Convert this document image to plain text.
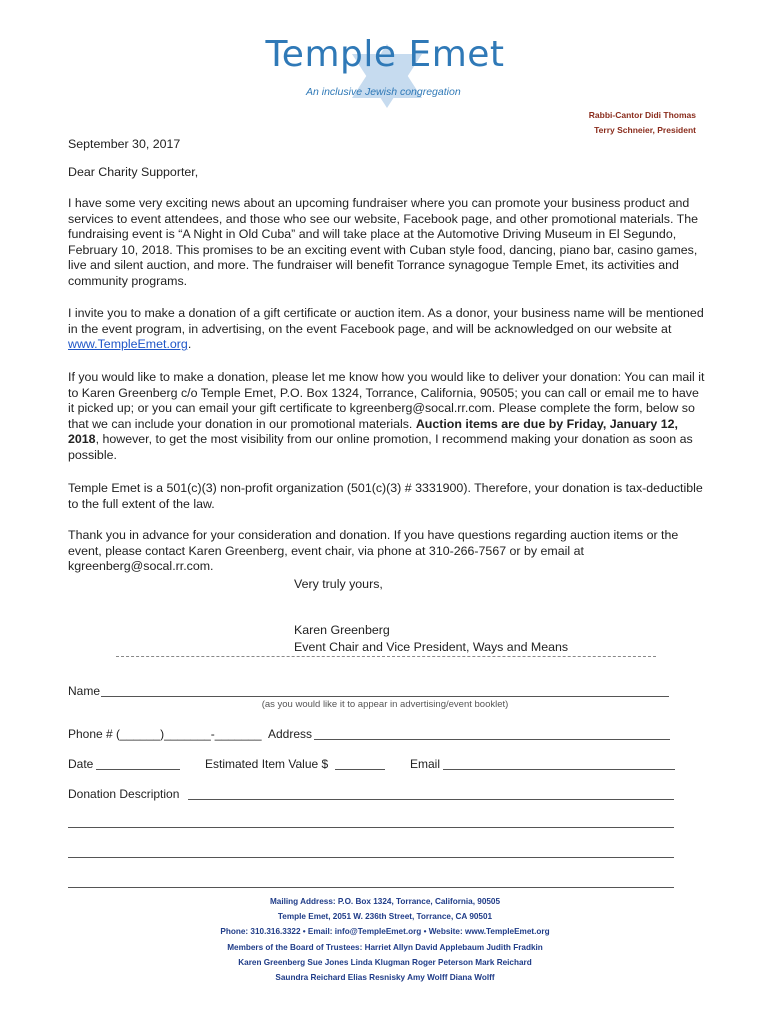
Temple Emet
An inclusive Jewish congregation
Rabbi-Cantor Didi Thomas
Terry Schneier, President
September 30, 2017
Dear Charity Supporter,
I have some very exciting news about an upcoming fundraiser where you can promote your business product and services to event attendees, and those who see our website, Facebook page, and other promotional materials. The fundraising event is “A Night in Old Cuba” and will take place at the Automotive Driving Museum in El Segundo, February 10, 2018. This promises to be an exciting event with Cuban style food, dancing, piano bar, casino games, live and silent auction, and more. The fundraiser will benefit Torrance synagogue Temple Emet, its activities and community programs.
I invite you to make a donation of a gift certificate or auction item. As a donor, your business name will be mentioned in the event program, in advertising, on the event Facebook page, and will be acknowledged on our website at www.TempleEmet.org.
If you would like to make a donation, please let me know how you would like to deliver your donation: You can mail it to Karen Greenberg c/o Temple Emet, P.O. Box 1324, Torrance, California, 90505; you can call or email me to have it picked up; or you can email your gift certificate to kgreenberg@socal.rr.com. Please complete the form, below so that we can include your donation in our promotional materials. Auction items are due by Friday, January 12, 2018, however, to get the most visibility from our online promotion, I recommend making your donation as soon as possible.
Temple Emet is a 501(c)(3) non-profit organization (501(c)(3) # 3331900). Therefore, your donation is tax-deductible to the full extent of the law.
Thank you in advance for your consideration and donation. If you have questions regarding auction items or the event, please contact Karen Greenberg, event chair, via phone at 310-266-7567 or by email at kgreenberg@socal.rr.com.
Very truly yours,
Karen Greenberg
Event Chair and Vice President, Ways and Means
Name
(as you would like it to appear in advertising/event booklet)
Phone # (______)_______-_______ Address
Date	Estimated Item Value $	Email
Donation Description
Mailing Address: P.O. Box 1324, Torrance, California, 90505
Temple Emet, 2051 W. 236th Street, Torrance, CA 90501
Phone: 310.316.3322 • Email: info@TempleEmet.org • Website: www.TempleEmet.org
Members of the Board of Trustees: Harriet Allyn David Applebaum Judith Fradkin
Karen Greenberg Sue Jones Linda Klugman Roger Peterson Mark Reichard
Saundra Reichard Elias Resnisky Amy Wolff Diana Wolff
